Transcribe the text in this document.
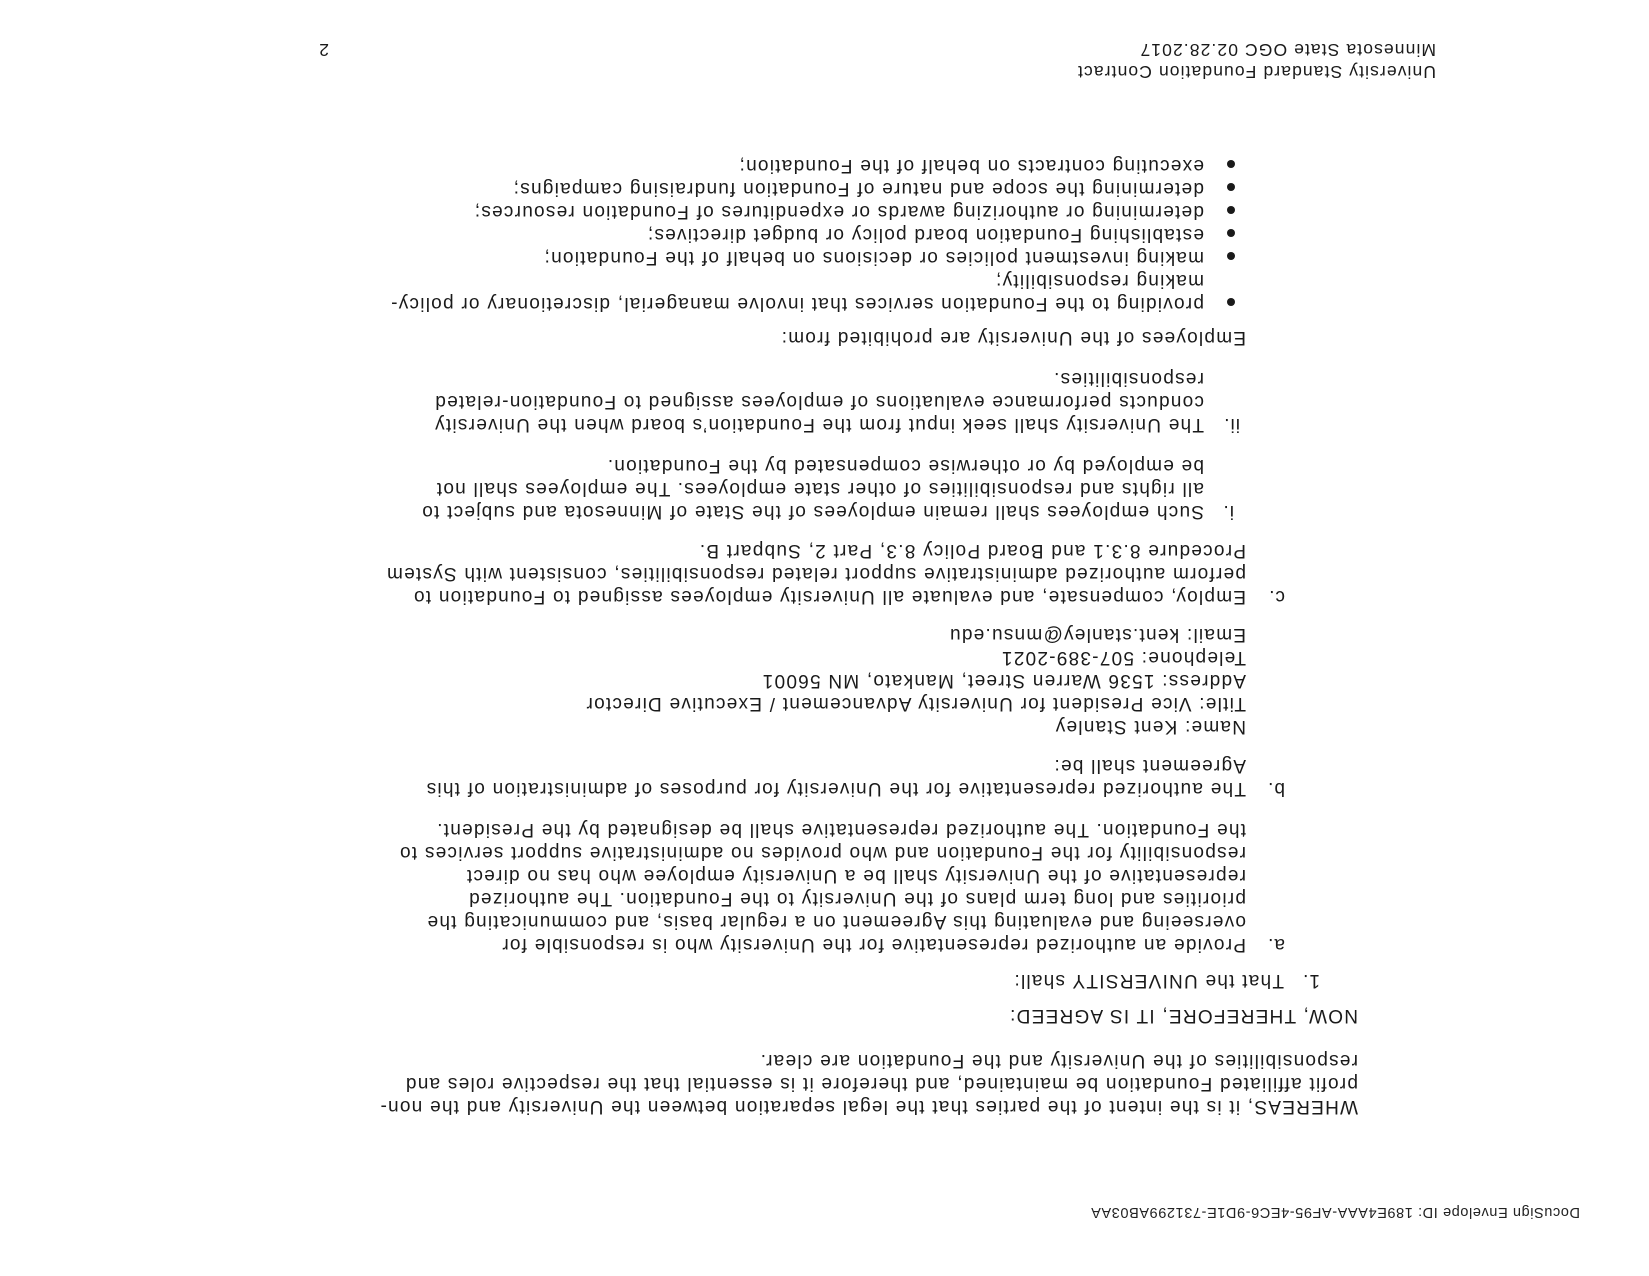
DocuSign Envelope ID: 189E4AAA-AF95-4EC6-9D1E-731299AB03AA
WHEREAS, it is the intent of the parties that the legal separation between the University and the non-
profit affiliated Foundation be maintained, and therefore it is essential that the respective roles and
responsibilities of the University and the Foundation are clear.
NOW, THEREFORE, IT IS AGREED:
1.
That the UNIVERSITY shall:
a.
Provide an authorized representative for the University who is responsible for
overseeing and evaluating this Agreement on a regular basis, and communicating the
priorities and long term plans of the University to the Foundation. The authorized
representative of the University shall be a University employee who has no direct
responsibility for the Foundation and who provides no administrative support services to
the Foundation. The authorized representative shall be designated by the President.
b.
The authorized representative for the University for purposes of administration of this
Agreement shall be:
Name: Kent Stanley
Title: Vice President for University Advancement / Executive Director
Address: 1536 Warren Street, Mankato, MN 56001
Telephone: 507-389-2021
Email: kent.stanley@mnsu.edu
c.
Employ, compensate, and evaluate all University employees assigned to Foundation to
perform authorized administrative support related responsibilities, consistent with System
Procedure 8.3.1 and Board Policy 8.3, Part 2, Subpart B.
i.
Such employees shall remain employees of the State of Minnesota and subject to
all rights and responsibilities of other state employees. The employees shall not
be employed by or otherwise compensated by the Foundation.
ii.
The University shall seek input from the Foundation’s board when the University
conducts performance evaluations of employees assigned to Foundation-related
responsibilities.
Employees of the University are prohibited from:
providing to the Foundation services that involve managerial, discretionary or policy-
making responsibility;
making investment policies or decisions on behalf of the Foundation;
establishing Foundation board policy or budget directives;
determining or authorizing awards or expenditures of Foundation resources;
determining the scope and nature of Foundation fundraising campaigns;
executing contracts on behalf of the Foundation;
University Standard Foundation Contract
Minnesota State OGC 02.28.2017
2
